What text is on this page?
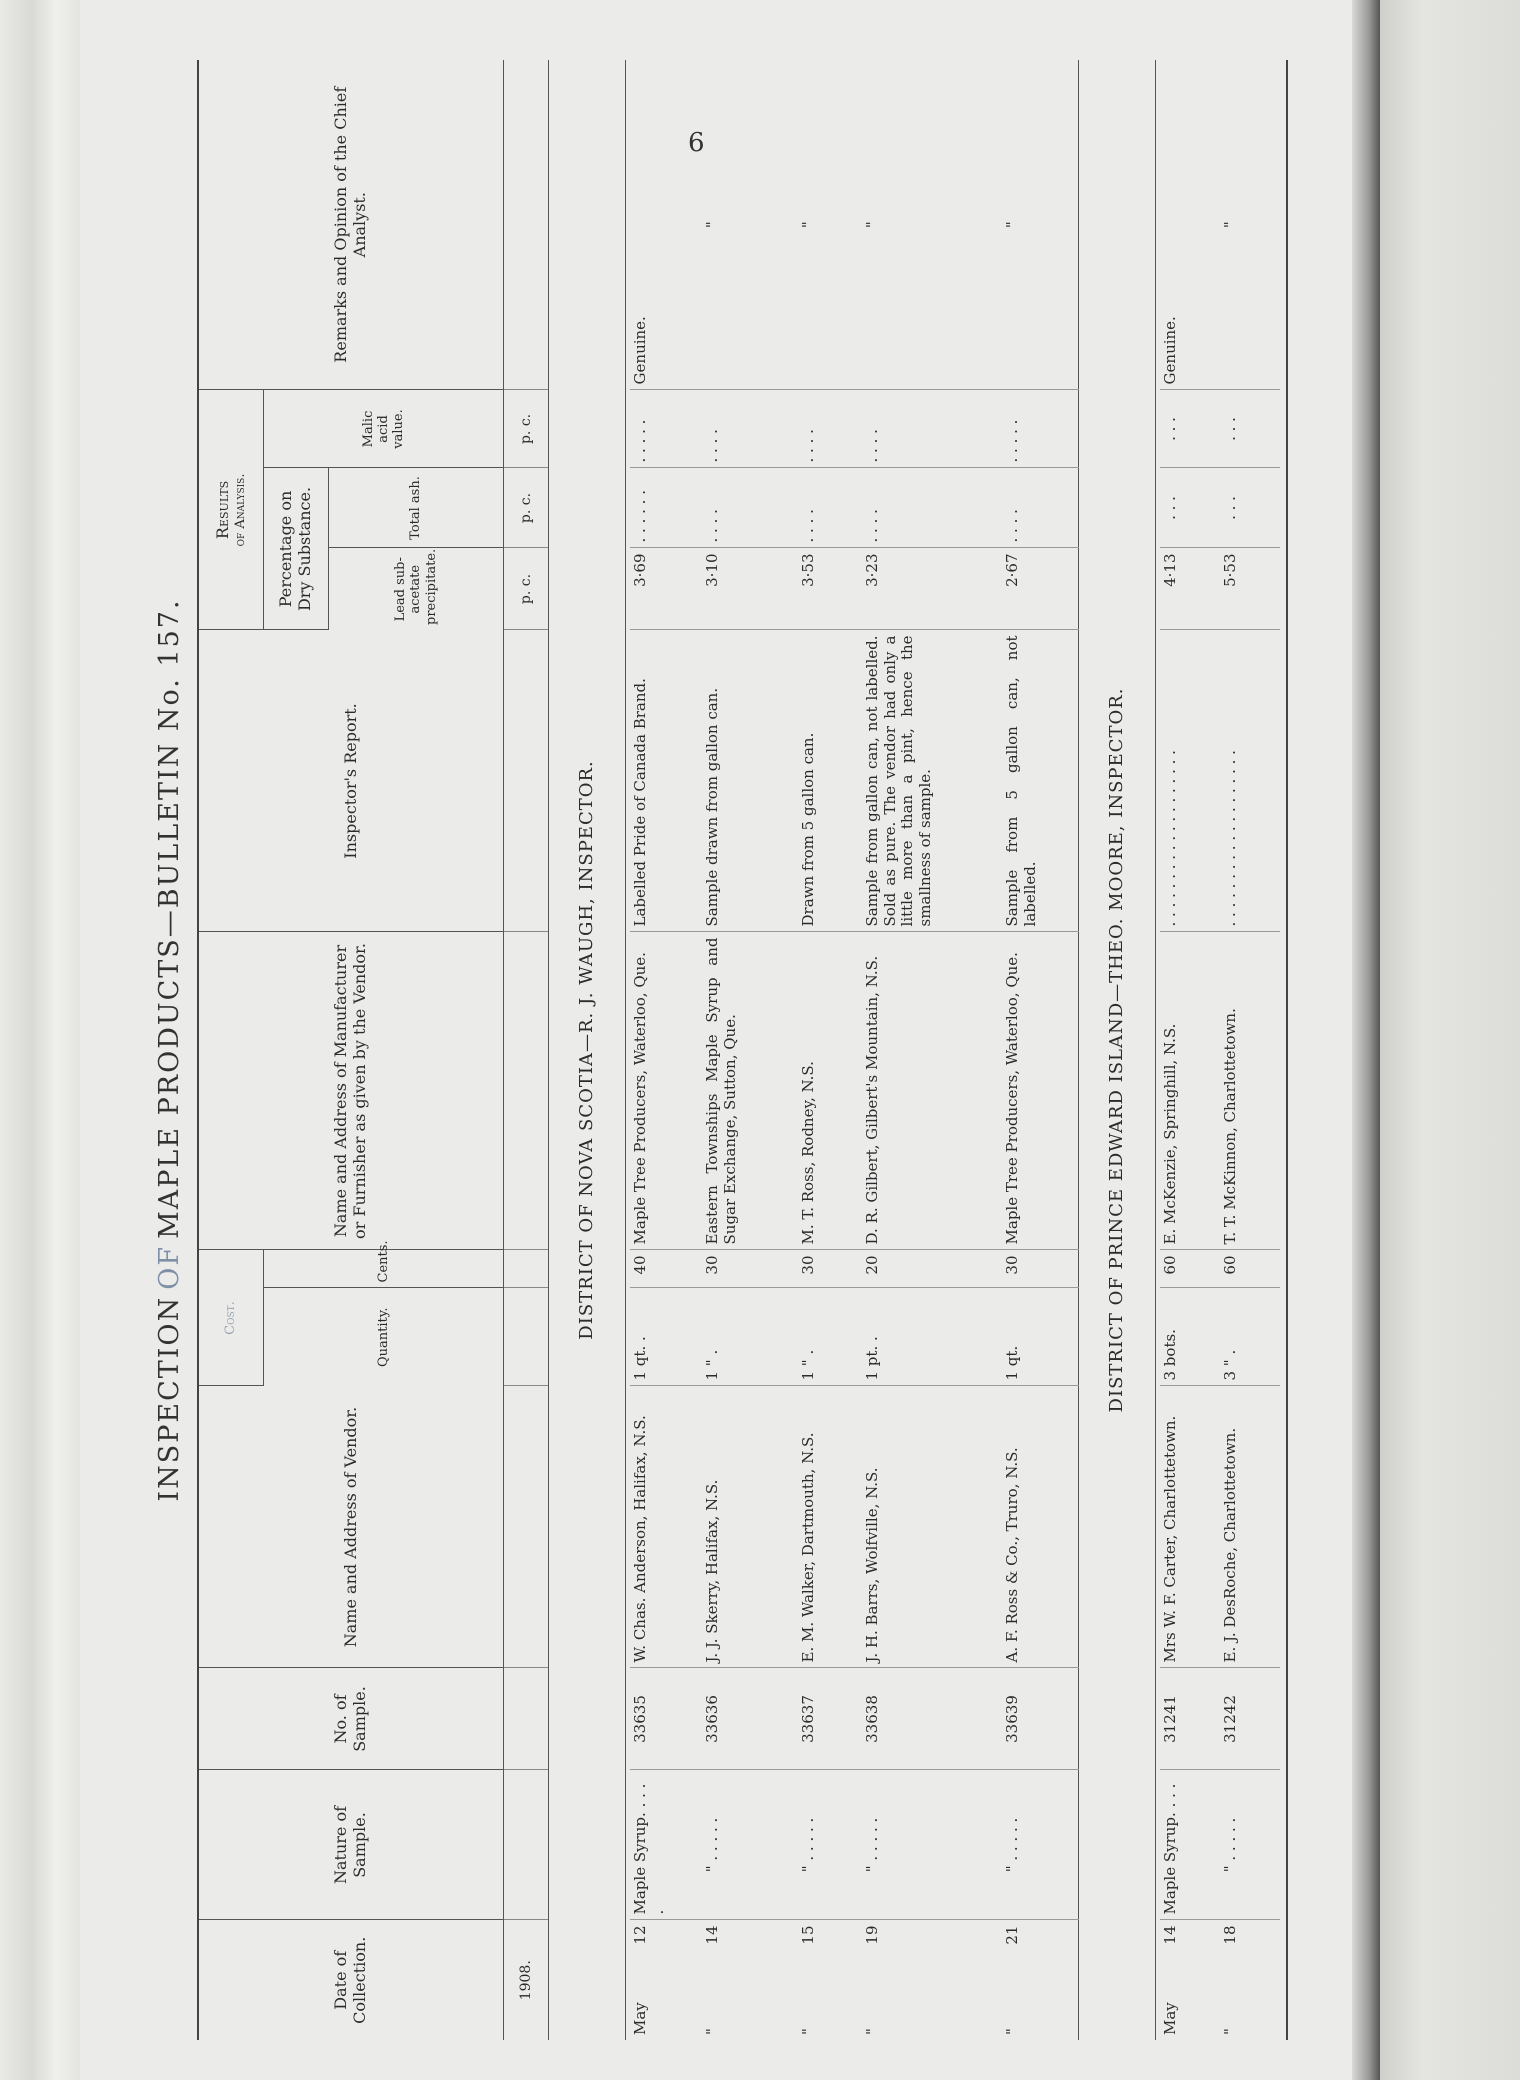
6
INSPECTION
OF
MAPLE PRODUCTS—BULLETIN No. 157.
Date of Collection.	Nature of Sample.	No. of Sample.	Name and Address of Vendor.	Cost.		Name and Address of Manufacturer or Furnisher as given by the Vendor.	Inspector's Report.	Results of Analysis.			Remarks and Opinion of the Chief Analyst.
				Quantity.	Cents.			Percentage on Dry Substance.		Malic acid value.	
								Lead sub-acetate precipitate.	Total ash.		
1908.								p. c.	p. c.	p. c.	
DISTRICT OF NOVA SCOTIA—R. J. WAUGH, INSPECTOR.											

May
12	Maple Syrup. . . . .	33635	W. Chas. Anderson, Halifax, N.S.	1 qt. .	40	Maple Tree Producers, Waterloo, Que.	Labelled Pride of Canada Brand.	3·69	. . . . . .	. . . . .	Genuine.

"
14	" . . . . .	33636	J. J. Skerry, Halifax, N.S.	1 " .	30	Eastern Townships Maple Syrup and Sugar Exchange, Sutton, Que.	Sample drawn from gallon can.	3·10	. . . .	. . . .	"

"
15	" . . . . .	33637	E. M. Walker, Dartmouth, N.S.	1 " .	30	M. T. Ross, Rodney, N.S.	Drawn from 5 gallon can.	3·53	. . . .	. . . .	"

"
19	" . . . . .	33638	J. H. Barrs, Wolfville, N.S.	1 pt. .	20	D. R. Gilbert, Gilbert's Mountain, N.S.	Sample from gallon can, not labelled. Sold as pure. The vendor had only a little more than a pint, hence the smallness of sample.	3·23	. . . .	. . . .	"

"
21	" . . . . .	33639	A. F. Ross & Co., Truro, N.S.	1 qt.	30	Maple Tree Producers, Waterloo, Que.	Sample from 5 gallon can, not labelled.	2·67	. . . .	. . . . .	"
DISTRICT OF PRINCE EDWARD ISLAND—THEO. MOORE, INSPECTOR.											

May
14	Maple Syrup. . . .	31241	Mrs W. F. Carter, Charlottetown.	3 bots.	60	E. McKenzie, Springhill, N.S.	. . . . . . . . . . . . . . . . . . .	4·13	. . .	. . .	Genuine.

"
18	" . . . . .	31242	E. J. DesRoche, Charlottetown.	3 " .	60	T. T. McKinnon, Charlottetown.	. . . . . . . . . . . . . . . . . . .	5·53	. . .	. . .	"
